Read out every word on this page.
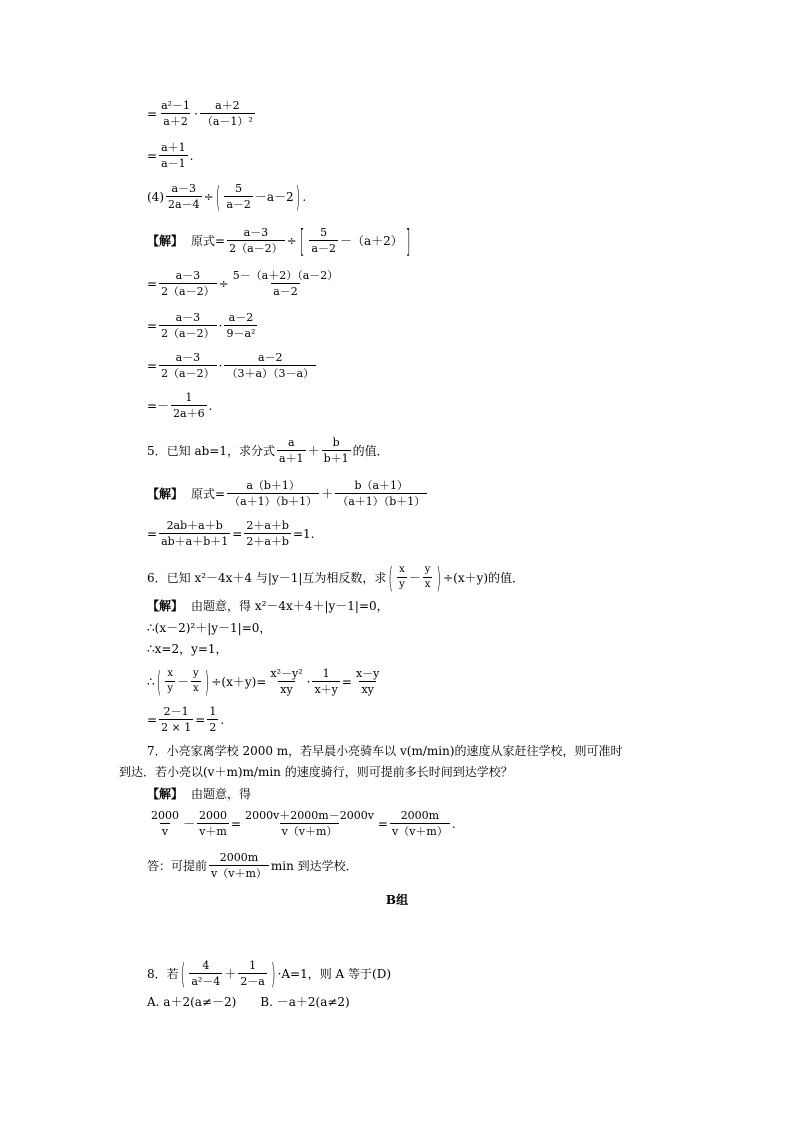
= $\frac{\text{a²－1}}{a+2} \cdot \frac{a+2}{\text{（a－1）²}}$
= $\frac{a+1}{a-1}$ .
$(4) \frac{a-3}{2a-4}$ ÷ ( $\frac{5}{a-2} -a-2$ ) .
【解】 原式= $\frac{a-3}{2(a-2)}$ ÷ [ $\frac{5}{a-2} -(a+2)$ ]
= $\frac{a-3}{2(a-2)} \div \frac{5-(a+2)(a-2)}{a-2}$
= $\frac{a-3}{2(a-2)} \cdot \frac{a-2}{\text{9－a²}}$
= $\frac{a-3}{2(a-2)} \cdot \frac{a-2}{(3+a)(3-a)}$
=－ $\frac{1}{2a+6}$ .
5．已知 ab=1，求分式 $\frac{a}{a+1} + \frac{b}{b+1}$ 的值．
【解】 原式= $\frac{a(b+1)}{(a+1)(b+1)} + \frac{b(a+1)}{(a+1)(b+1)}$
= $\frac{2ab+a+b}{ab+a+b+1} = \frac{2+a+b}{2+a+b} =1$.
6．已知 x²－4x＋4 与|y－1|互为相反数，求 ( $\frac{x}{y} - \frac{y}{x}$ ) ÷(x＋y)的值．
【解】 由题意，得 x²－4x＋4＋|y－1|=0，
∴(x－2)²＋|y－1|=0，
∴x=2，y=1，
∴ ( $\frac{x}{y} - \frac{y}{x}$ ) $\div(x+y)= \frac{\text{x²－y²}}{xy} \cdot \frac{1}{x+y} = \frac{x-y}{xy}$
= $\frac{2-1}{2 \times 1} = \frac{1}{2}$ .
7．小亮家离学校 2000 m，若早晨小亮骑车以 v(m/min)的速度从家赶往学校，则可准时
到达．若小亮以(v＋m)m/min 的速度骑行，则可提前多长时间到达学校？
【解】 由题意，得
$\frac{2000}{v} - \frac{2000}{v+m} = \frac{2000v+2000m-2000v}{v(v+m)} = \frac{2000m}{v(v+m)}$ .
答：可提前 $\frac{2000m}{v(v+m)}$ min 到达学校．
B组
8．若 ( $\frac{4}{\text{a²－4}} + \frac{1}{2-a}$ ) ·A=1，则 A 等于(D)
A. a＋2(a≠－2) B. －a＋2(a≠2)
